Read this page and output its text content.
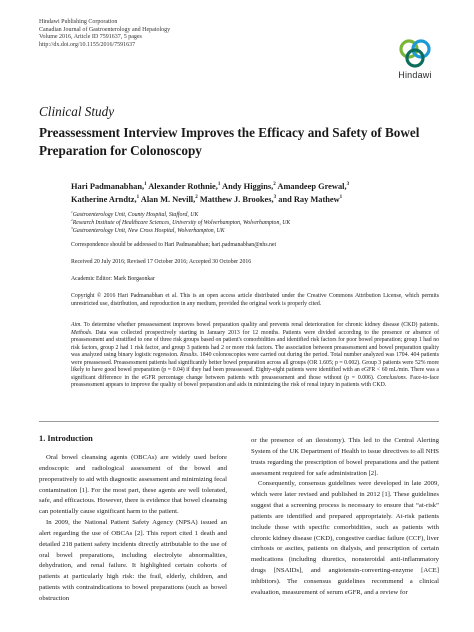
Hindawi Publishing Corporation
Canadian Journal of Gastroenterology and Hepatology
Volume 2016, Article ID 7591637, 5 pages
http://dx.doi.org/10.1155/2016/7591637
Hindawi
Clinical Study
Preassessment Interview Improves the Efficacy and Safety of Bowel Preparation for Colonoscopy
Hari Padmanabhan,$^1$ Alexander Rothnie,$^1$ Andy Higgins,$^2$ Amandeep Grewal,$^3$ 
Katherine Arndtz,$^1$ Alan M. Nevill,$^2$ Matthew J. Brookes,$^3$ and Ray Mathew$^1$
$^1$Gastroenterology Unit, County Hospital, Stafford, UK
$^2$Research Institute of Healthcare Sciences, University of Wolverhampton, Wolverhampton, UK
$^3$Gastroenterology Unit, New Cross Hospital, Wolverhampton, UK
Correspondence should be addressed to Hari Padmanabhan; hari.padmanabhan@nhs.net
Received 20 July 2016; Revised 17 October 2016; Accepted 30 October 2016
Academic Editor: Mark Borgaonkar
Copyright © 2016 Hari Padmanabhan et al. This is an open access article distributed under the Creative Commons Attribution License, which permits unrestricted use, distribution, and reproduction in any medium, provided the original work is properly cited.
Aim. To determine whether preassessment improves bowel preparation quality and prevents renal deterioration for chronic kidney disease (CKD) patients. Methods. Data was collected prospectively starting in January 2013 for 12 months. Patients were divided according to the presence or absence of preassessment and stratified to one of three risk groups based on patient's comorbidities and identified risk factors for poor bowel preparation; group 1 had no risk factors, group 2 had 1 risk factor, and group 3 patients had 2 or more risk factors. The association between preassessment and bowel preparation quality was analyzed using binary logistic regression. Results. 1840 colonoscopies were carried out during the period. Total number analyzed was 1704. 404 patients were preassessed. Preassessment patients had significantly better bowel preparation across all groups (OR 1.605; p = 0.002). Group 3 patients were 52% more likely to have good bowel preparation (p = 0.04) if they had been preassessed. Eighty-eight patients were identified with an eGFR < 60 mL/min. There was a significant difference in the eGFR percentage change between patients with preassessment and those without (p = 0.006). Conclusions. Face-to-face preassessment appears to improve the quality of bowel preparation and aids in minimizing the risk of renal injury in patients with CKD.
1. Introduction

Oral bowel cleansing agents (OBCAs) are widely used before endoscopic and radiological assessment of the bowel and preoperatively to aid with diagnostic assessment and minimizing fecal contamination [1]. For the most part, these agents are well tolerated, safe, and efficacious. However, there is evidence that bowel cleansing can potentially cause significant harm to the patient.

In 2009, the National Patient Safety Agency (NPSA) issued an alert regarding the use of OBCAs [2]. This report cited 1 death and detailed 218 patient safety incidents directly attributable to the use of oral bowel preparations, including electrolyte abnormalities, dehydration, and renal failure. It highlighted certain cohorts of patients at particularly high risk: the frail, elderly, children, and patients with contraindications to bowel preparations (such as bowel obstruction

or the presence of an ileostomy). This led to the Central Alerting System of the UK Department of Health to issue directives to all NHS trusts regarding the prescription of bowel preparations and the patient assessment required for safe administration [2].

Consequently, consensus guidelines were developed in late 2009, which were later revised and published in 2012 [1]. These guidelines suggest that a screening process is necessary to ensure that “at-risk” patients are identified and prepared appropriately. At-risk patients include those with specific comorbidities, such as patients with chronic kidney disease (CKD), congestive cardiac failure (CCF), liver cirrhosis or ascites, patients on dialysis, and prescription of certain medications (including diuretics, nonsteroidal anti-inflammatory drugs [NSAIDs], and angiotensin-converting-enzyme [ACE] inhibitors). The consensus guidelines recommend a clinical evaluation, measurement of serum eGFR, and a review for
